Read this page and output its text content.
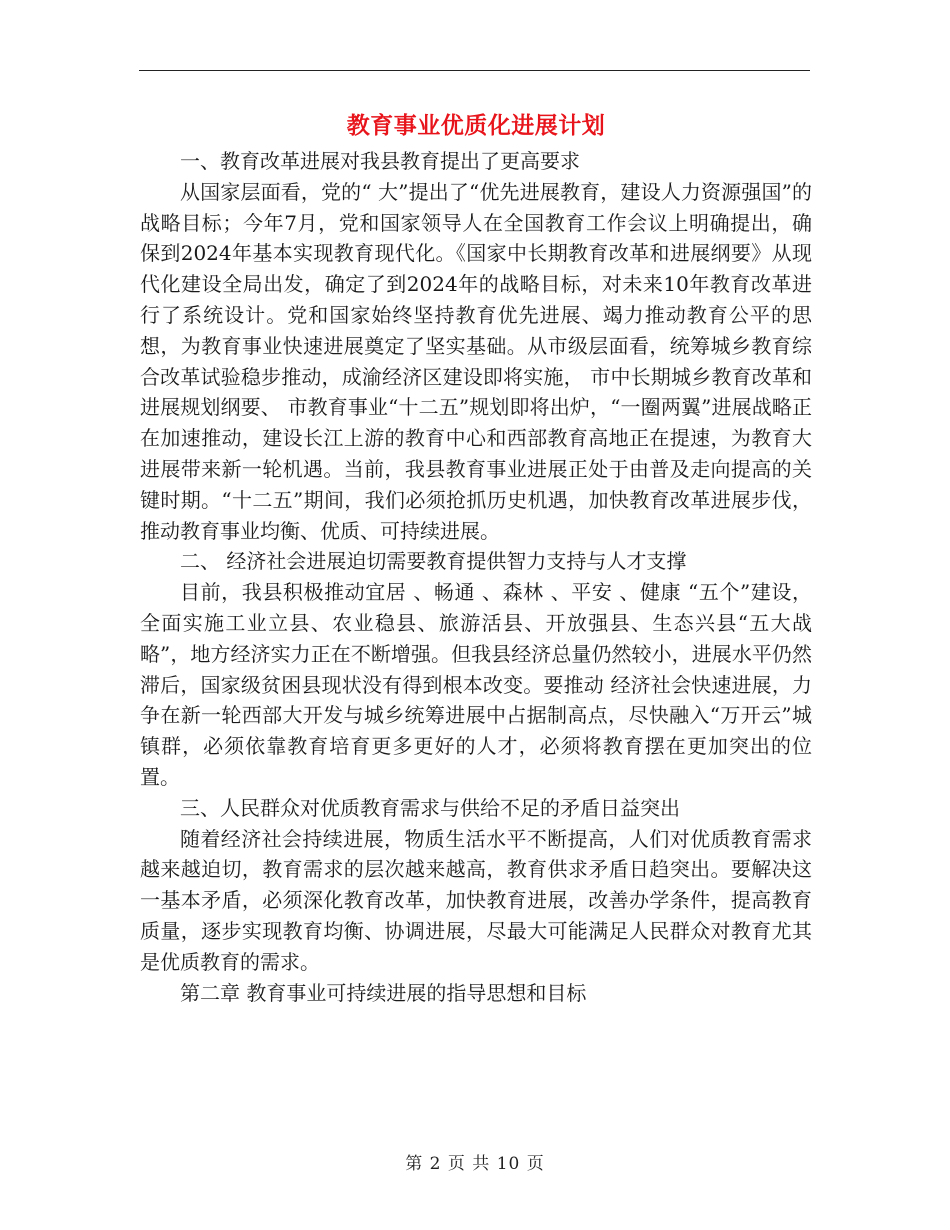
教育事业优质化进展计划

一、教育改革进展对我县教育提出了更高要求

从国家层面看，党的“ 大”提出了“优先进展教育，建设人力资源强国”的战略目标；今年7月，党和国家领导人在全国教育工作会议上明确提出，确保到2024年基本实现教育现代化。《国家中长期教育改革和进展纲要》从现代化建设全局出发，确定了到2024年的战略目标，对未来10年教育改革进行了系统设计。党和国家始终坚持教育优先进展、竭力推动教育公平的思想，为教育事业快速进展奠定了坚实基础。从市级层面看，统筹城乡教育综合改革试验稳步推动，成渝经济区建设即将实施， 市中长期城乡教育改革和进展规划纲要、 市教育事业“十二五”规划即将出炉，“一圈两翼”进展战略正在加速推动，建设长江上游的教育中心和西部教育高地正在提速，为教育大进展带来新一轮机遇。当前，我县教育事业进展正处于由普及走向提高的关键时期。“十二五”期间，我们必须抢抓历史机遇，加快教育改革进展步伐，推动教育事业均衡、优质、可持续进展。

二、 经济社会进展迫切需要教育提供智力支持与人才支撑

目前，我县积极推动宜居 、畅通 、森林 、平安 、健康 “五个”建设，全面实施工业立县、农业稳县、旅游活县、开放强县、生态兴县“五大战略”，地方经济实力正在不断增强。但我县经济总量仍然较小，进展水平仍然滞后，国家级贫困县现状没有得到根本改变。要推动 经济社会快速进展，力争在新一轮西部大开发与城乡统筹进展中占据制高点，尽快融入“万开云”城镇群，必须依靠教育培育更多更好的人才，必须将教育摆在更加突出的位置。

三、人民群众对优质教育需求与供给不足的矛盾日益突出

随着经济社会持续进展，物质生活水平不断提高，人们对优质教育需求越来越迫切，教育需求的层次越来越高，教育供求矛盾日趋突出。要解决这一基本矛盾，必须深化教育改革，加快教育进展，改善办学条件，提高教育质量，逐步实现教育均衡、协调进展，尽最大可能满足人民群众对教育尤其是优质教育的需求。

第二章 教育事业可持续进展的指导思想和目标

第 2 页 共 10 页
